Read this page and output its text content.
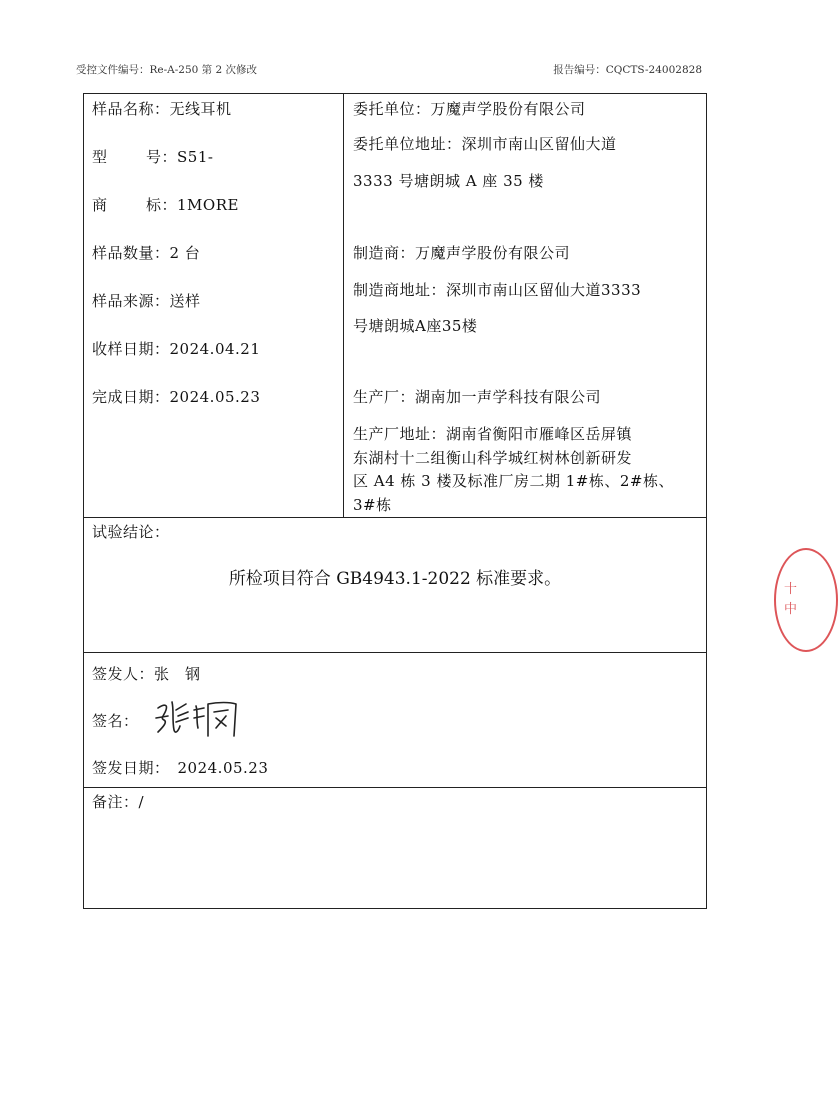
受控文件编号：Re-A-250 第 2 次修改	报告编号：CQCTS-24002828
样品名称：无线耳机
型	号：S51-
商	标：1MORE
样品数量：2 台
样品来源：送样
收样日期：2024.04.21
完成日期：2024.05.23
委托单位：万魔声学股份有限公司
委托单位地址：深圳市南山区留仙大道
3333 号塘朗城 A 座 35 楼
制造商：万魔声学股份有限公司
制造商地址：深圳市南山区留仙大道3333
号塘朗城A座35楼
生产厂：湖南加一声学科技有限公司
生产厂地址：湖南省衡阳市雁峰区岳屏镇
东湖村十二组衡山科学城红树林创新研发
区 A4 栋 3 楼及标准厂房二期 1#栋、2#栋、
3#栋
试验结论：
所检项目符合 GB4943.1-2022 标准要求。
签发人：张　钢
签名：
签发日期：　2024.05.23
备注：/
十
中
